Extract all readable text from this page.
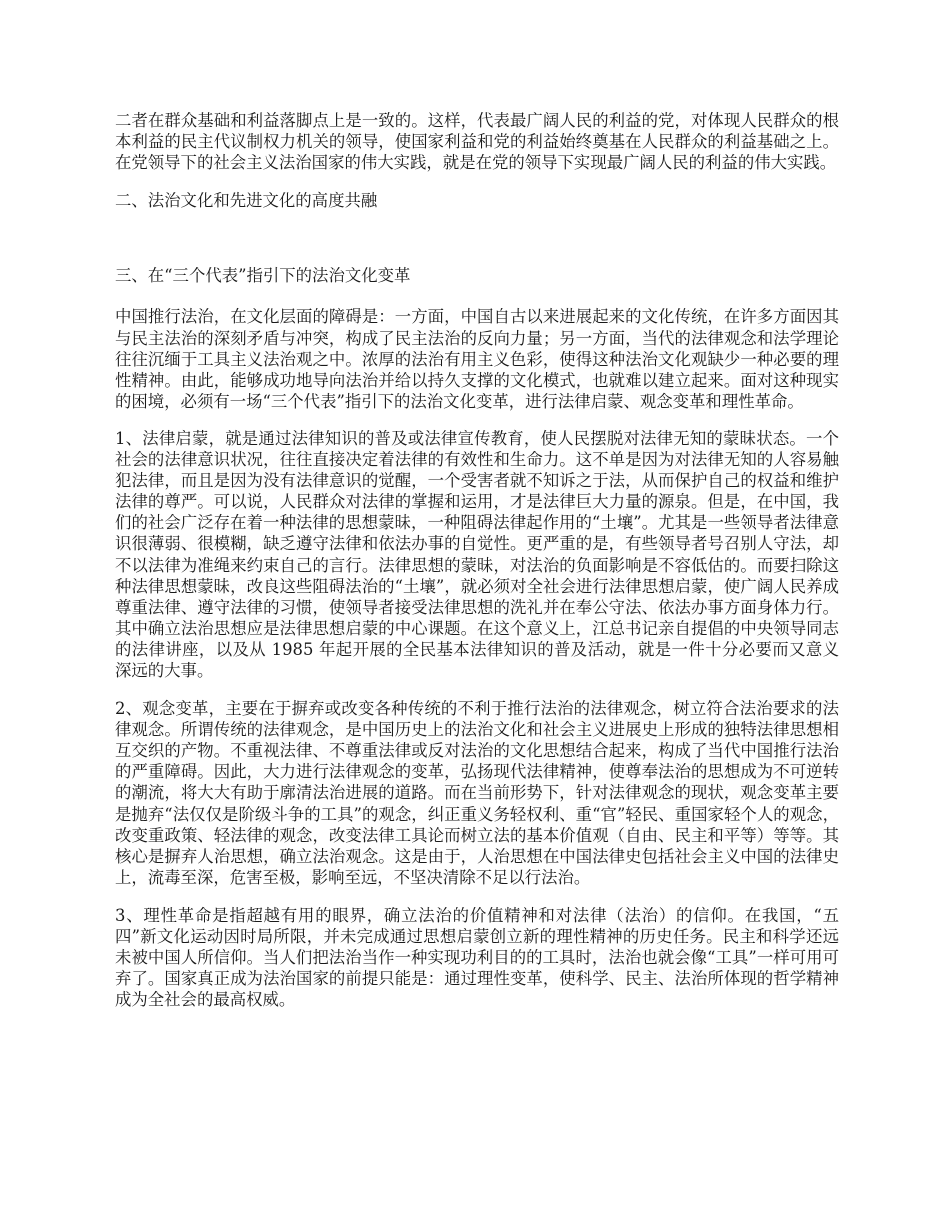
二者在群众基础和利益落脚点上是一致的。这样，代表最广阔人民的利益的党，对体现人民群众的根本利益的民主代议制权力机关的领导，使国家利益和党的利益始终奠基在人民群众的利益基础之上。在党领导下的社会主义法治国家的伟大实践，就是在党的领导下实现最广阔人民的利益的伟大实践。

二、法治文化和先进文化的高度共融
三、在“三个代表”指引下的法治文化变革

中国推行法治，在文化层面的障碍是：一方面，中国自古以来进展起来的文化传统，在许多方面因其与民主法治的深刻矛盾与冲突，构成了民主法治的反向力量；另一方面，当代的法律观念和法学理论往往沉缅于工具主义法治观之中。浓厚的法治有用主义色彩，使得这种法治文化观缺少一种必要的理性精神。由此，能够成功地导向法治并给以持久支撑的文化模式，也就难以建立起来。面对这种现实的困境，必须有一场“三个代表”指引下的法治文化变革，进行法律启蒙、观念变革和理性革命。

1、法律启蒙，就是通过法律知识的普及或法律宣传教育，使人民摆脱对法律无知的蒙昧状态。一个社会的法律意识状况，往往直接决定着法律的有效性和生命力。这不单是因为对法律无知的人容易触犯法律，而且是因为没有法律意识的觉醒，一个受害者就不知诉之于法，从而保护自己的权益和维护法律的尊严。可以说，人民群众对法律的掌握和运用，才是法律巨大力量的源泉。但是，在中国，我们的社会广泛存在着一种法律的思想蒙昧，一种阻碍法律起作用的“土壤”。尤其是一些领导者法律意识很薄弱、很模糊，缺乏遵守法律和依法办事的自觉性。更严重的是，有些领导者号召别人守法，却不以法律为准绳来约束自己的言行。法律思想的蒙昧，对法治的负面影响是不容低估的。而要扫除这种法律思想蒙昧，改良这些阻碍法治的“土壤”，就必须对全社会进行法律思想启蒙，使广阔人民养成尊重法律、遵守法律的习惯，使领导者接受法律思想的洗礼并在奉公守法、依法办事方面身体力行。其中确立法治思想应是法律思想启蒙的中心课题。在这个意义上，江总书记亲自提倡的中央领导同志的法律讲座，以及从 1985 年起开展的全民基本法律知识的普及活动，就是一件十分必要而又意义深远的大事。

2、观念变革，主要在于摒弃或改变各种传统的不利于推行法治的法律观念，树立符合法治要求的法律观念。所谓传统的法律观念，是中国历史上的法治文化和社会主义进展史上形成的独特法律思想相互交织的产物。不重视法律、不尊重法律或反对法治的文化思想结合起来，构成了当代中国推行法治的严重障碍。因此，大力进行法律观念的变革，弘扬现代法律精神，使尊奉法治的思想成为不可逆转的潮流，将大大有助于廓清法治进展的道路。而在当前形势下，针对法律观念的现状，观念变革主要是抛弃“法仅仅是阶级斗争的工具”的观念，纠正重义务轻权利、重“官”轻民、重国家轻个人的观念，改变重政策、轻法律的观念，改变法律工具论而树立法的基本价值观（自由、民主和平等）等等。其核心是摒弃人治思想，确立法治观念。这是由于，人治思想在中国法律史包括社会主义中国的法律史上，流毒至深，危害至极，影响至远，不坚决清除不足以行法治。

3、理性革命是指超越有用的眼界，确立法治的价值精神和对法律（法治）的信仰。在我国，“五四”新文化运动因时局所限，并未完成通过思想启蒙创立新的理性精神的历史任务。民主和科学还远未被中国人所信仰。当人们把法治当作一种实现功利目的的工具时，法治也就会像“工具”一样可用可弃了。国家真正成为法治国家的前提只能是：通过理性变革，使科学、民主、法治所体现的哲学精神成为全社会的最高权威。
